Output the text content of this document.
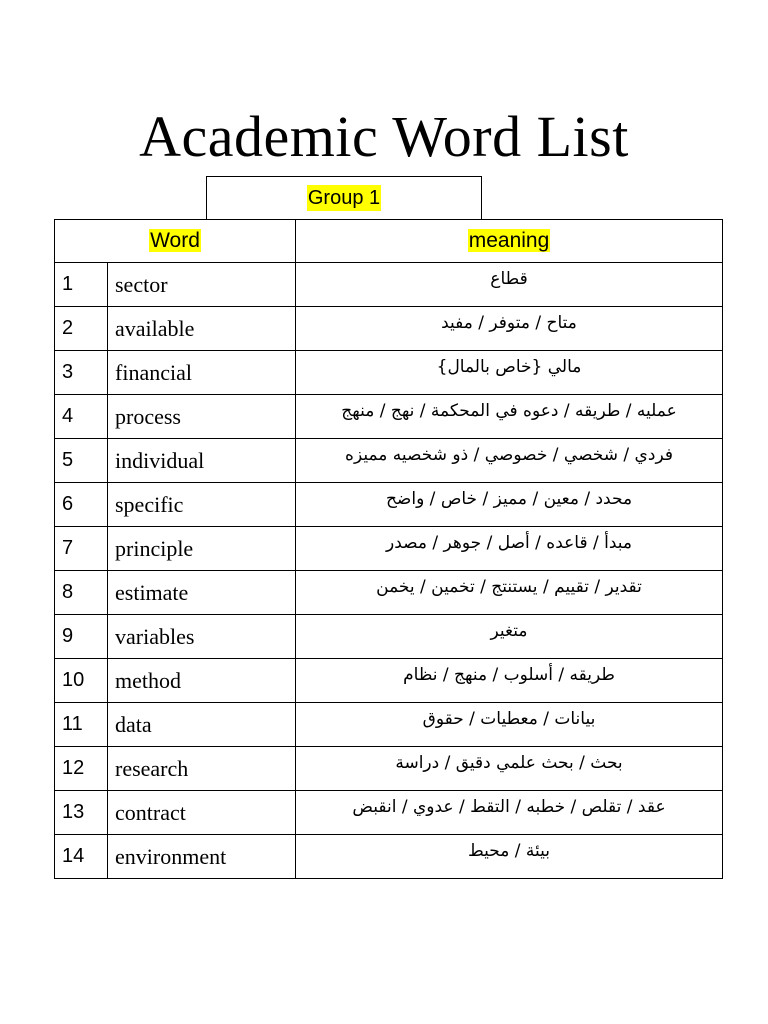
Academic Word List
Group 1
Word		meaning
1	sector	قطاع
2	available	متاح / متوفر / مفيد
3	financial	مالي {خاص بالمال}
4	process	عمليه / طريقه / دعوه في المحكمة / نهج / منهج
5	individual	فردي / شخصي / خصوصي / ذو شخصيه مميزه
6	specific	محدد / معين / مميز / خاص / واضح
7	principle	مبدأ / قاعده / أصل / جوهر / مصدر
8	estimate	تقدير / تقييم / يستنتج / تخمين / يخمن
9	variables	متغير
10	method	طريقه / أسلوب / منهج / نظام
11	data	بيانات / معطيات / حقوق
12	research	بحث / بحث علمي دقيق / دراسة
13	contract	عقد / تقلص / خطبه / التقط / عدوي / انقبض
14	environment	بيئة / محيط
